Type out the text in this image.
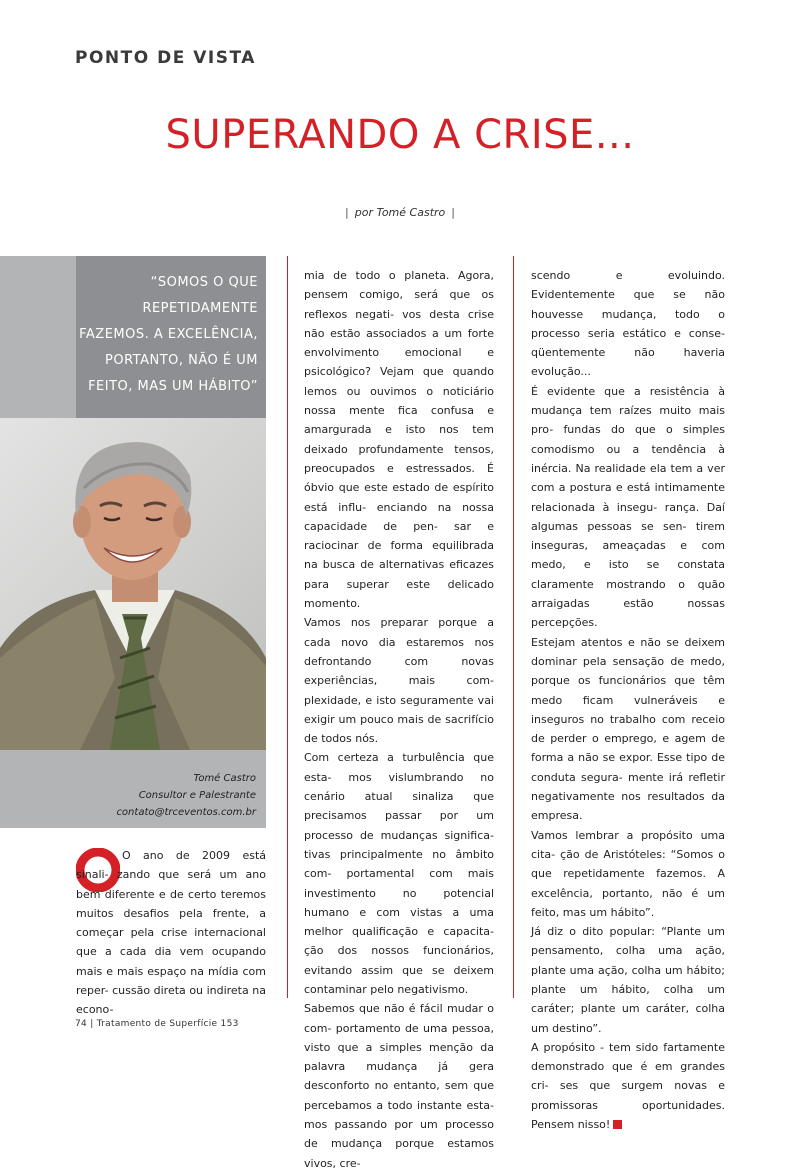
PONTO DE VISTA
SUPERANDO A CRISE...
| por Tomé Castro |

“SOMOS O QUE
REPETIDAMENTE
FAZEMOS. A EXCELÊNCIA,
PORTANTO, NÃO É UM
FEITO, MAS UM HÁBITO”

Tomé Castro
Consultor e Palestrante
contato@trceventos.com.br

O ano de 2009 está sinali- zando que será um ano bem diferente e de certo teremos muitos desafios pela frente, a começar pela crise internacional que a cada dia vem ocupando mais e mais espaço na mídia com reper- cussão direta ou indireta na econo-

mia de todo o planeta. Agora, pensem comigo, será que os reflexos negati- vos desta crise não estão associados a um forte envolvimento emocional e psicológico? Vejam que quando lemos ou ouvimos o noticiário nossa mente fica confusa e amargurada e isto nos tem deixado profundamente tensos, preocupados e estressados. É óbvio que este estado de espírito está influ- enciando na nossa capacidade de pen- sar e raciocinar de forma equilibrada na busca de alternativas eficazes para superar este delicado momento.

Vamos nos preparar porque a cada novo dia estaremos nos defrontando com novas experiências, mais com- plexidade, e isto seguramente vai exigir um pouco mais de sacrifício de todos nós.

Com certeza a turbulência que esta- mos vislumbrando no cenário atual sinaliza que precisamos passar por um processo de mudanças significa- tivas principalmente no âmbito com- portamental com mais investimento no potencial humano e com vistas a uma melhor qualificação e capacita- ção dos nossos funcionários, evitando assim que se deixem contaminar pelo negativismo.

Sabemos que não é fácil mudar o com- portamento de uma pessoa, visto que a simples menção da palavra mudança já gera desconforto no entanto, sem que percebamos a todo instante esta- mos passando por um processo de mudança porque estamos vivos, cre-

scendo e evoluindo. Evidentemente que se não houvesse mudança, todo o processo seria estático e conse- qüentemente não haveria evolução...

É evidente que a resistência à mudança tem raízes muito mais pro- fundas do que o simples comodismo ou a tendência à inércia. Na realidade ela tem a ver com a postura e está intimamente relacionada à insegu- rança. Daí algumas pessoas se sen- tirem inseguras, ameaçadas e com medo, e isto se constata claramente mostrando o quão arraigadas estão nossas percepções.

Estejam atentos e não se deixem dominar pela sensação de medo, porque os funcionários que têm medo ficam vulneráveis e inseguros no trabalho com receio de perder o emprego, e agem de forma a não se expor. Esse tipo de conduta segura- mente irá refletir negativamente nos resultados da empresa.

Vamos lembrar a propósito uma cita- ção de Aristóteles: “Somos o que repetidamente fazemos. A excelência, portanto, não é um feito, mas um hábito”.

Já diz o dito popular: “Plante um pensamento, colha uma ação, plante uma ação, colha um hábito; plante um hábito, colha um caráter; plante um caráter, colha um destino”.

A propósito - tem sido fartamente demonstrado que é em grandes cri- ses que surgem novas e promissoras oportunidades. Pensem nisso!

74 | Tratamento de Superfície 153
